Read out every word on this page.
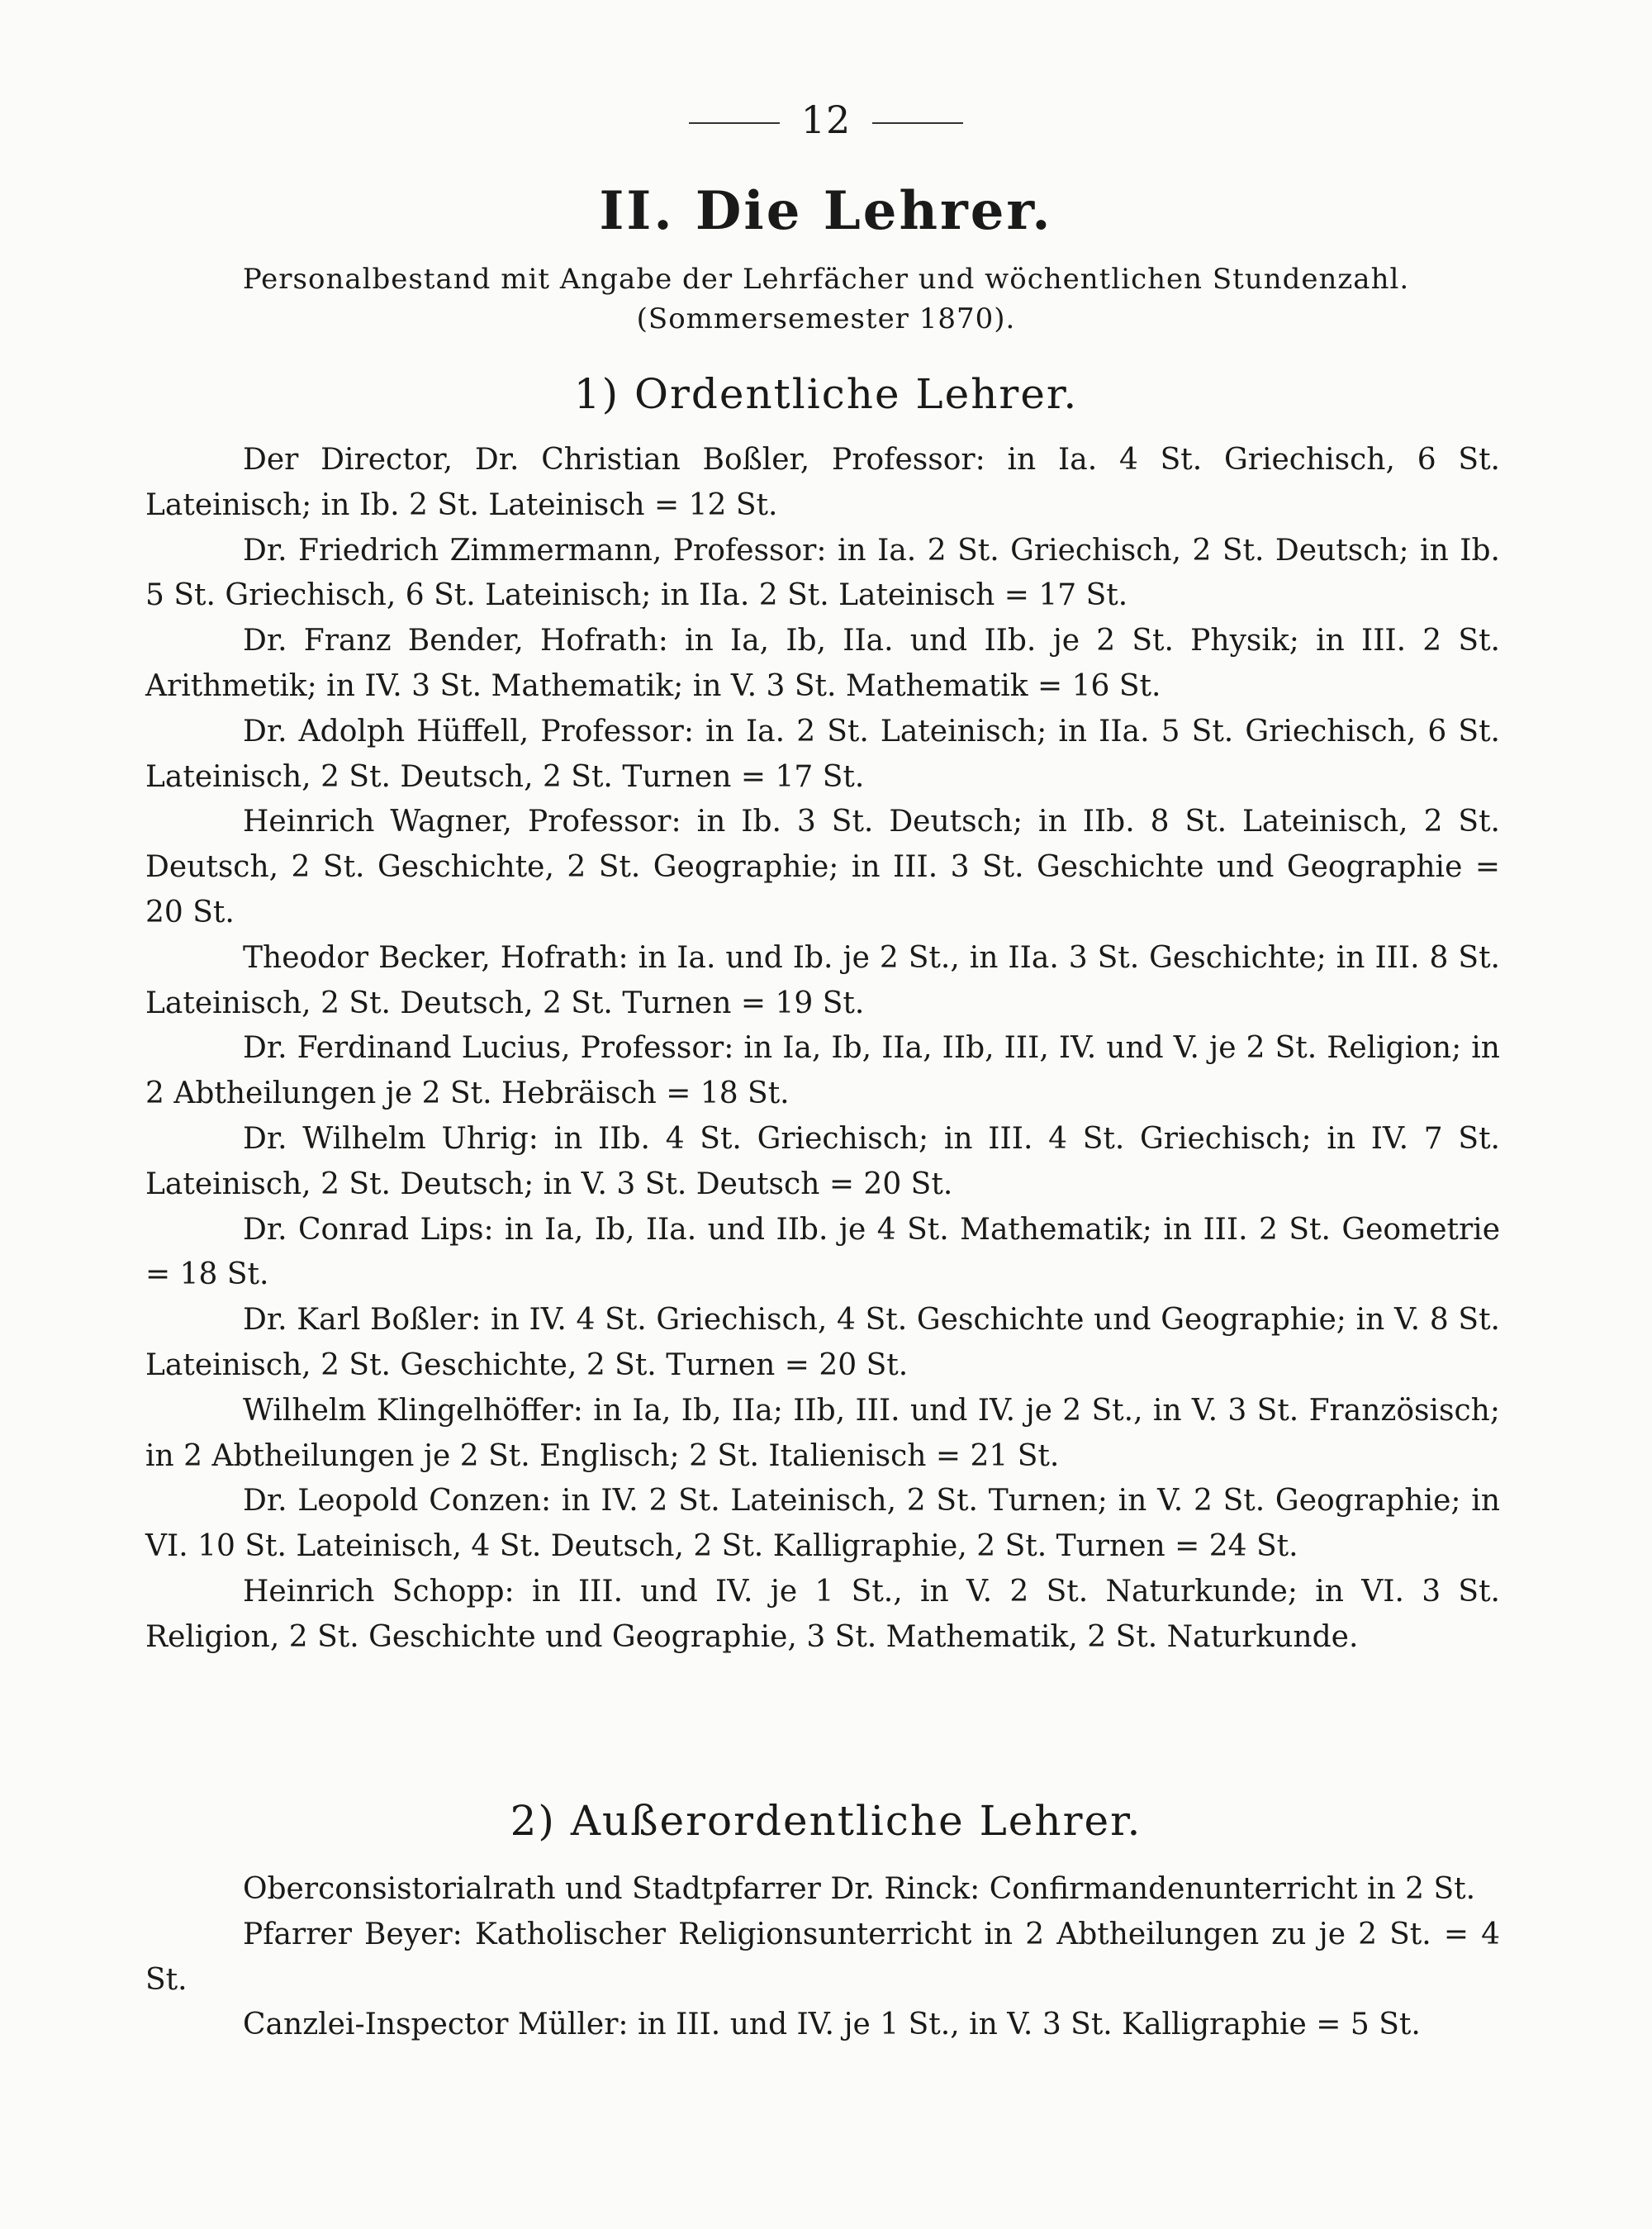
12
II. Die Lehrer.
Personalbestand mit Angabe der Lehrfächer und wöchentlichen Stundenzahl.
(Sommersemester 1870).
1) Ordentliche Lehrer.

Der Director, Dr. Christian Boßler, Professor: in Ia. 4 St. Griechisch, 6 St. Lateinisch; in Ib. 2 St. Lateinisch = 12 St.

Dr. Friedrich Zimmermann, Professor: in Ia. 2 St. Griechisch, 2 St. Deutsch; in Ib. 5 St. Griechisch, 6 St. Lateinisch; in IIa. 2 St. Lateinisch = 17 St.

Dr. Franz Bender, Hofrath: in Ia, Ib, IIa. und IIb. je 2 St. Physik; in III. 2 St. Arithmetik; in IV. 3 St. Mathematik; in V. 3 St. Mathematik = 16 St.

Dr. Adolph Hüffell, Professor: in Ia. 2 St. Lateinisch; in IIa. 5 St. Griechisch, 6 St. Lateinisch, 2 St. Deutsch, 2 St. Turnen = 17 St.

Heinrich Wagner, Professor: in Ib. 3 St. Deutsch; in IIb. 8 St. Lateinisch, 2 St. Deutsch, 2 St. Geschichte, 2 St. Geographie; in III. 3 St. Geschichte und Geographie = 20 St.

Theodor Becker, Hofrath: in Ia. und Ib. je 2 St., in IIa. 3 St. Geschichte; in III. 8 St. Lateinisch, 2 St. Deutsch, 2 St. Turnen = 19 St.

Dr. Ferdinand Lucius, Professor: in Ia, Ib, IIa, IIb, III, IV. und V. je 2 St. Religion; in 2 Abtheilungen je 2 St. Hebräisch = 18 St.

Dr. Wilhelm Uhrig: in IIb. 4 St. Griechisch; in III. 4 St. Griechisch; in IV. 7 St. Lateinisch, 2 St. Deutsch; in V. 3 St. Deutsch = 20 St.

Dr. Conrad Lips: in Ia, Ib, IIa. und IIb. je 4 St. Mathematik; in III. 2 St. Geometrie = 18 St.

Dr. Karl Boßler: in IV. 4 St. Griechisch, 4 St. Geschichte und Geographie; in V. 8 St. Lateinisch, 2 St. Geschichte, 2 St. Turnen = 20 St.

Wilhelm Klingelhöffer: in Ia, Ib, IIa; IIb, III. und IV. je 2 St., in V. 3 St. Französisch; in 2 Abtheilungen je 2 St. Englisch; 2 St. Italienisch = 21 St.

Dr. Leopold Conzen: in IV. 2 St. Lateinisch, 2 St. Turnen; in V. 2 St. Geographie; in VI. 10 St. Lateinisch, 4 St. Deutsch, 2 St. Kalligraphie, 2 St. Turnen = 24 St.

Heinrich Schopp: in III. und IV. je 1 St., in V. 2 St. Naturkunde; in VI. 3 St. Religion, 2 St. Geschichte und Geographie, 3 St. Mathematik, 2 St. Naturkunde.

2) Außerordentliche Lehrer.

Oberconsistorialrath und Stadtpfarrer Dr. Rinck: Confirmandenunterricht in 2 St.

Pfarrer Beyer: Katholischer Religionsunterricht in 2 Abtheilungen zu je 2 St. = 4 St.

Canzlei-Inspector Müller: in III. und IV. je 1 St., in V. 3 St. Kalligraphie = 5 St.
